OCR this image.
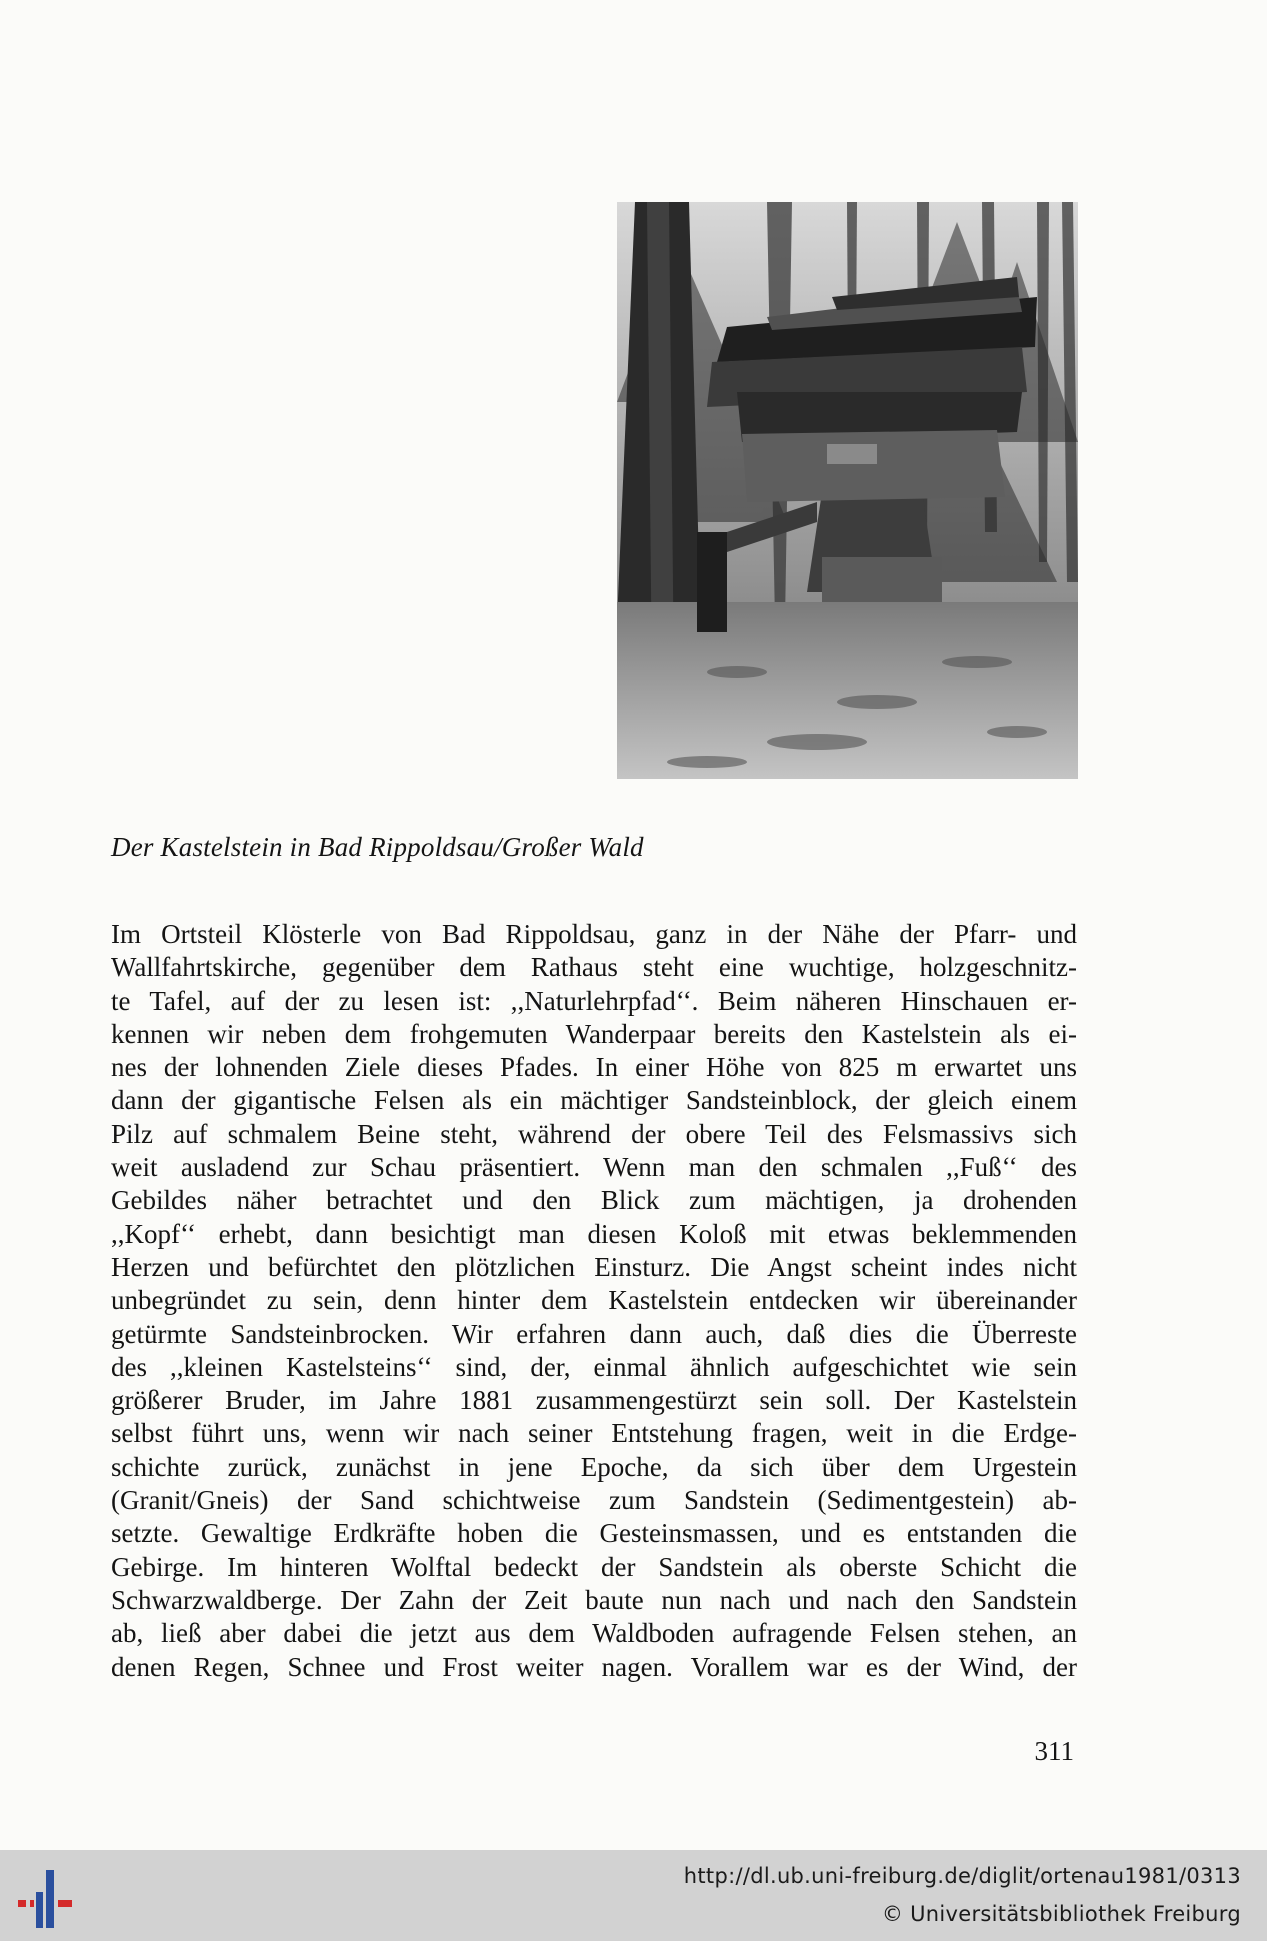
Der Kastelstein in Bad Rippoldsau/Großer Wald
Im Ortsteil Klösterle von Bad Rippoldsau, ganz in der Nähe der Pfarr- und
Wallfahrtskirche, gegenüber dem Rathaus steht eine wuchtige, holzgeschnitz-
te Tafel, auf der zu lesen ist: ,,Naturlehrpfad‘‘. Beim näheren Hinschauen er-
kennen wir neben dem frohgemuten Wanderpaar bereits den Kastelstein als ei-
nes der lohnenden Ziele dieses Pfades. In einer Höhe von 825 m erwartet uns
dann der gigantische Felsen als ein mächtiger Sandsteinblock, der gleich einem
Pilz auf schmalem Beine steht, während der obere Teil des Felsmassivs sich
weit ausladend zur Schau präsentiert. Wenn man den schmalen ,,Fuß‘‘ des
Gebildes näher betrachtet und den Blick zum mächtigen, ja drohenden
,,Kopf‘‘ erhebt, dann besichtigt man diesen Koloß mit etwas beklemmenden
Herzen und befürchtet den plötzlichen Einsturz. Die Angst scheint indes nicht
unbegründet zu sein, denn hinter dem Kastelstein entdecken wir übereinander
getürmte Sandsteinbrocken. Wir erfahren dann auch, daß dies die Überreste
des ,,kleinen Kastelsteins‘‘ sind, der, einmal ähnlich aufgeschichtet wie sein
größerer Bruder, im Jahre 1881 zusammengestürzt sein soll. Der Kastelstein
selbst führt uns, wenn wir nach seiner Entstehung fragen, weit in die Erdge-
schichte zurück, zunächst in jene Epoche, da sich über dem Urgestein
(Granit/Gneis) der Sand schichtweise zum Sandstein (Sedimentgestein) ab-
setzte. Gewaltige Erdkräfte hoben die Gesteinsmassen, und es entstanden die
Gebirge. Im hinteren Wolftal bedeckt der Sandstein als oberste Schicht die
Schwarzwaldberge. Der Zahn der Zeit baute nun nach und nach den Sandstein
ab, ließ aber dabei die jetzt aus dem Waldboden aufragende Felsen stehen, an
denen Regen, Schnee und Frost weiter nagen. Vorallem war es der Wind, der
311
http://dl.ub.uni-freiburg.de/diglit/ortenau1981/0313
© Universitätsbibliothek Freiburg
